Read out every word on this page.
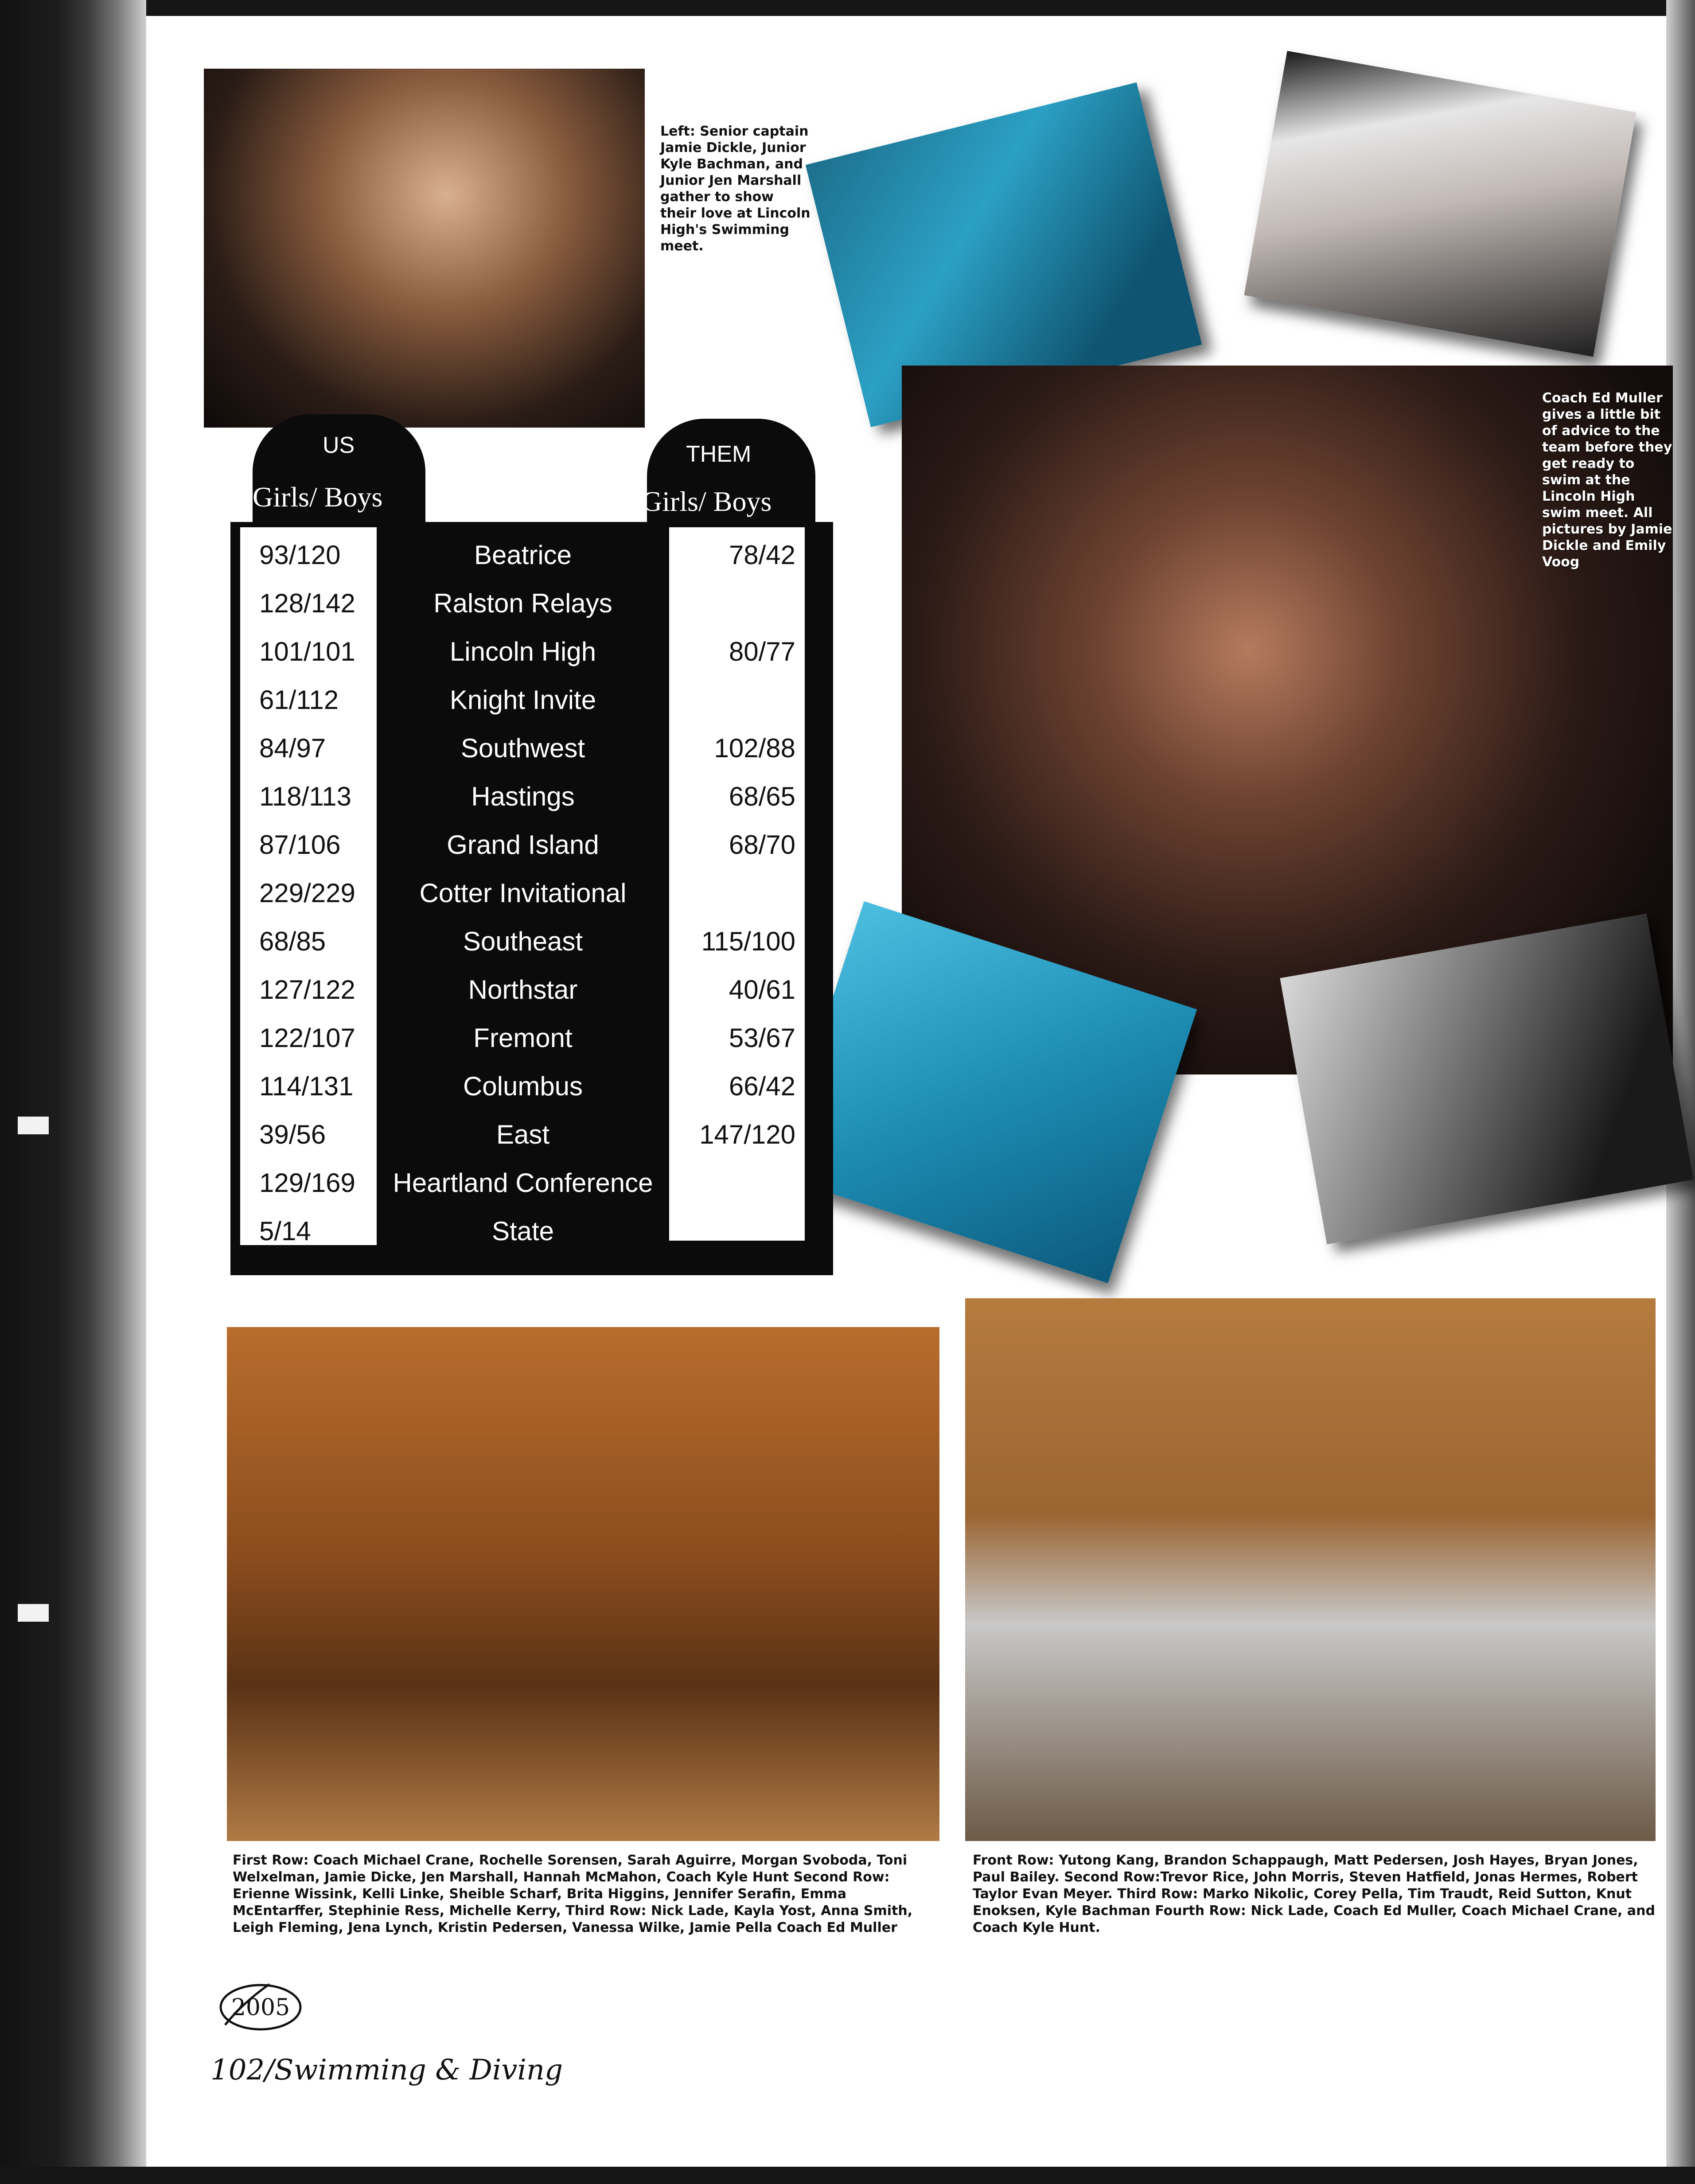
Left: Senior captain Jamie Dickle, Junior Kyle Bachman, and Junior Jen Marshall gather to show their love at Lincoln High's Swimming meet.
Coach Ed Muller gives a little bit of advice to the team before they get ready to swim at the Lincoln High swim meet. All pictures by Jamie Dickle and Emily Voog
US	THEM
Girls/ Boys	Girls/ Boys
93/120	Beatrice	78/42
128/142	Ralston Relays
101/101	Lincoln High	80/77
61/112	Knight Invite
84/97	Southwest	102/88
118/113	Hastings	68/65
87/106	Grand Island	68/70
229/229	Cotter Invitational
68/85	Southeast	115/100
127/122	Northstar	40/61
122/107	Fremont	53/67
114/131	Columbus	66/42
39/56	East	147/120
129/169	Heartland Conference
5/14	State
First Row: Coach Michael Crane, Rochelle Sorensen, Sarah Aguirre, Morgan Svoboda, Toni Welxelman, Jamie Dicke, Jen Marshall, Hannah McMahon, Coach Kyle Hunt Second Row: Erienne Wissink, Kelli Linke, Sheible Scharf, Brita Higgins, Jennifer Serafin, Emma McEntarffer, Stephinie Ress, Michelle Kerry, Third Row: Nick Lade, Kayla Yost, Anna Smith, Leigh Fleming, Jena Lynch, Kristin Pedersen, Vanessa Wilke, Jamie Pella Coach Ed Muller
Front Row: Yutong Kang, Brandon Schappaugh, Matt Pedersen, Josh Hayes, Bryan Jones, Paul Bailey. Second Row:Trevor Rice, John Morris, Steven Hatfield, Jonas Hermes, Robert Taylor Evan Meyer. Third Row: Marko Nikolic, Corey Pella, Tim Traudt, Reid Sutton, Knut Enoksen, Kyle Bachman Fourth Row: Nick Lade, Coach Ed Muller, Coach Michael Crane, and Coach Kyle Hunt.
2005
102/Swimming & Diving
